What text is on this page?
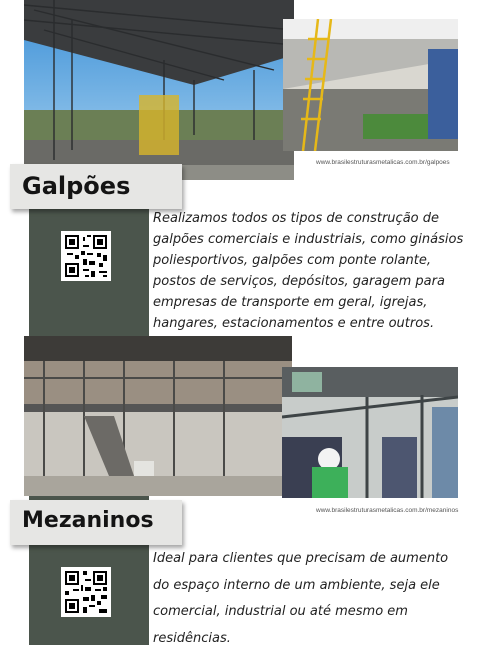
www.brasilestruturasmetalicas.com.br/galpoes
Galpões
Realizamos todos os tipos de construção de
galpões comerciais e industriais, como ginásios
poliesportivos, galpões com ponte rolante,
postos de serviços, depósitos, garagem para
empresas de transporte em geral, igrejas,
hangares, estacionamentos e entre outros.
www.brasilestruturasmetalicas.com.br/mezaninos
Mezaninos
Ideal para clientes que precisam de aumento
do espaço interno de um ambiente, seja ele
comercial, industrial ou até mesmo em
residências.
